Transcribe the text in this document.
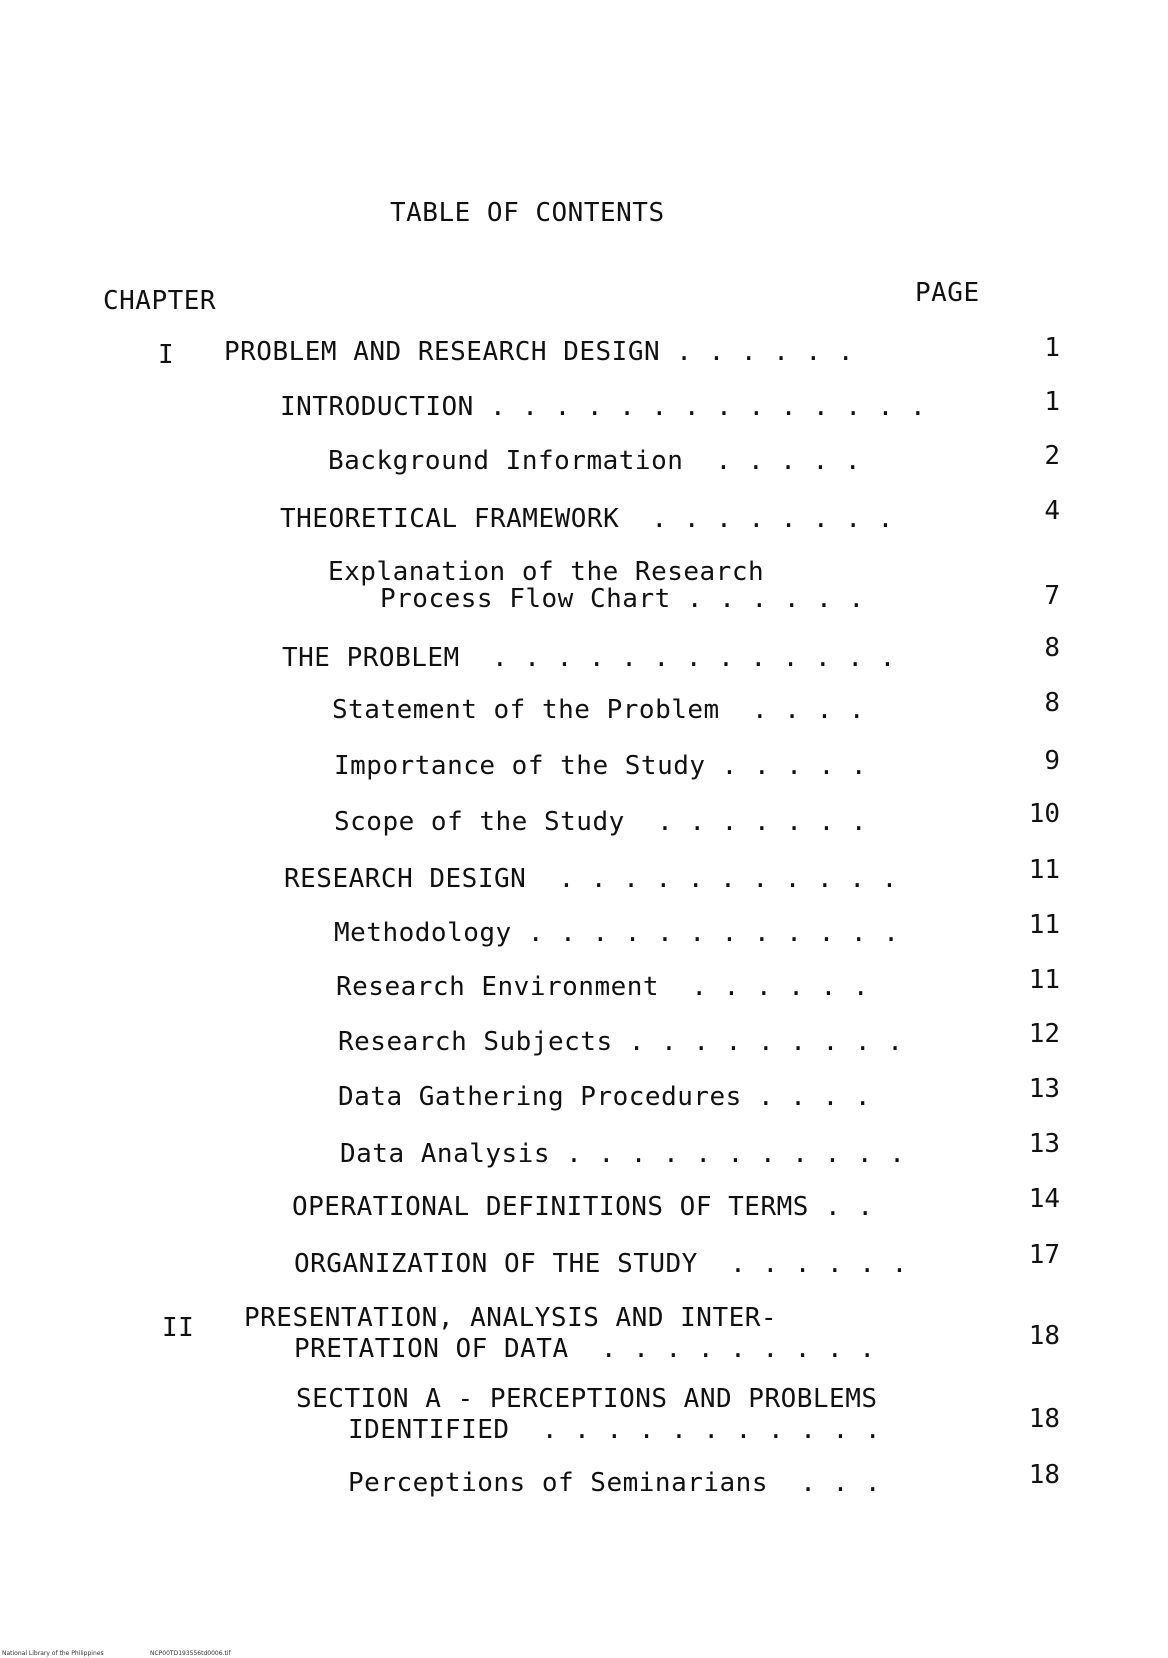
TABLE OF CONTENTS
CHAPTER	PAGE
I PROBLEM AND RESEARCH DESIGN . . . . . .	1
INTRODUCTION . . . . . . . . . . . . . .	1
Background Information  . . . . .	2
THEORETICAL FRAMEWORK  . . . . . . . .	4
Explanation of the Research
Process Flow Chart . . . . . .	7
THE PROBLEM  . . . . . . . . . . . . .	8
Statement of the Problem  . . . .	8
Importance of the Study . . . . .	9
Scope of the Study  . . . . . . .	10
RESEARCH DESIGN  . . . . . . . . . . .	11
Methodology . . . . . . . . . . . .	11
Research Environment  . . . . . .	11
Research Subjects . . . . . . . . .	12
Data Gathering Procedures . . . .	13
Data Analysis . . . . . . . . . . .	13
OPERATIONAL DEFINITIONS OF TERMS . .	14
ORGANIZATION OF THE STUDY  . . . . . .	17
II PRESENTATION, ANALYSIS AND INTER-
PRETATION OF DATA  . . . . . . . . .	18
SECTION A - PERCEPTIONS AND PROBLEMS
IDENTIFIED  . . . . . . . . . . .	18
Perceptions of Seminarians  . . .	18
National Library of the Philippines	NCP00TD193556td0006.tif
